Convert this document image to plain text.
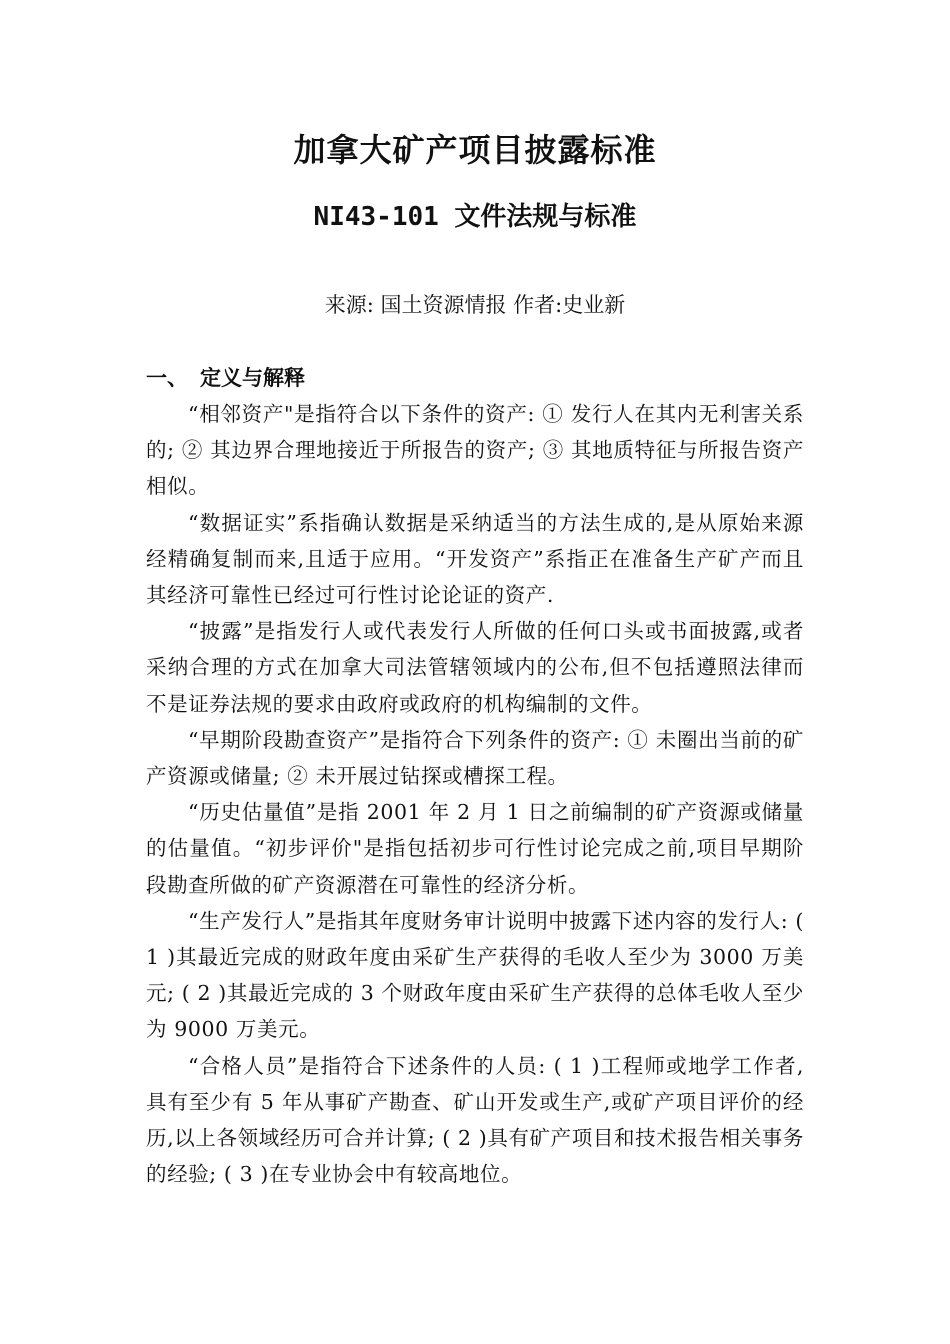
加拿大矿产项目披露标准
NI43-101 文件法规与标准

来源: 国土资源情报 作者:史业新

一、 定义与解释

“相邻资产"是指符合以下条件的资产: ① 发行人在其内无利害关系的; ② 其边界合理地接近于所报告的资产; ③ 其地质特征与所报告资产相似。

“数据证实”系指确认数据是采纳适当的方法生成的,是从原始来源经精确复制而来,且适于应用。“开发资产”系指正在准备生产矿产而且其经济可靠性已经过可行性讨论论证的资产.

“披露”是指发行人或代表发行人所做的任何口头或书面披露,或者采纳合理的方式在加拿大司法管辖领域内的公布,但不包括遵照法律而不是证券法规的要求由政府或政府的机构编制的文件。

“早期阶段勘查资产”是指符合下列条件的资产: ① 未圈出当前的矿产资源或储量; ② 未开展过钻探或槽探工程。

“历史估量值”是指 2001 年 2 月 1 日之前编制的矿产资源或储量的估量值。“初步评价"是指包括初步可行性讨论完成之前,项目早期阶段勘查所做的矿产资源潜在可靠性的经济分析。

“生产发行人”是指其年度财务审计说明中披露下述内容的发行人: ( 1 )其最近完成的财政年度由采矿生产获得的毛收人至少为 3000 万美元; ( 2 )其最近完成的 3 个财政年度由采矿生产获得的总体毛收人至少为 9000 万美元。

“合格人员”是指符合下述条件的人员: ( 1 )工程师或地学工作者,具有至少有 5 年从事矿产勘查、矿山开发或生产,或矿产项目评价的经历,以上各领域经历可合并计算; ( 2 )具有矿产项目和技术报告相关事务的经验; ( 3 )在专业协会中有较高地位。
